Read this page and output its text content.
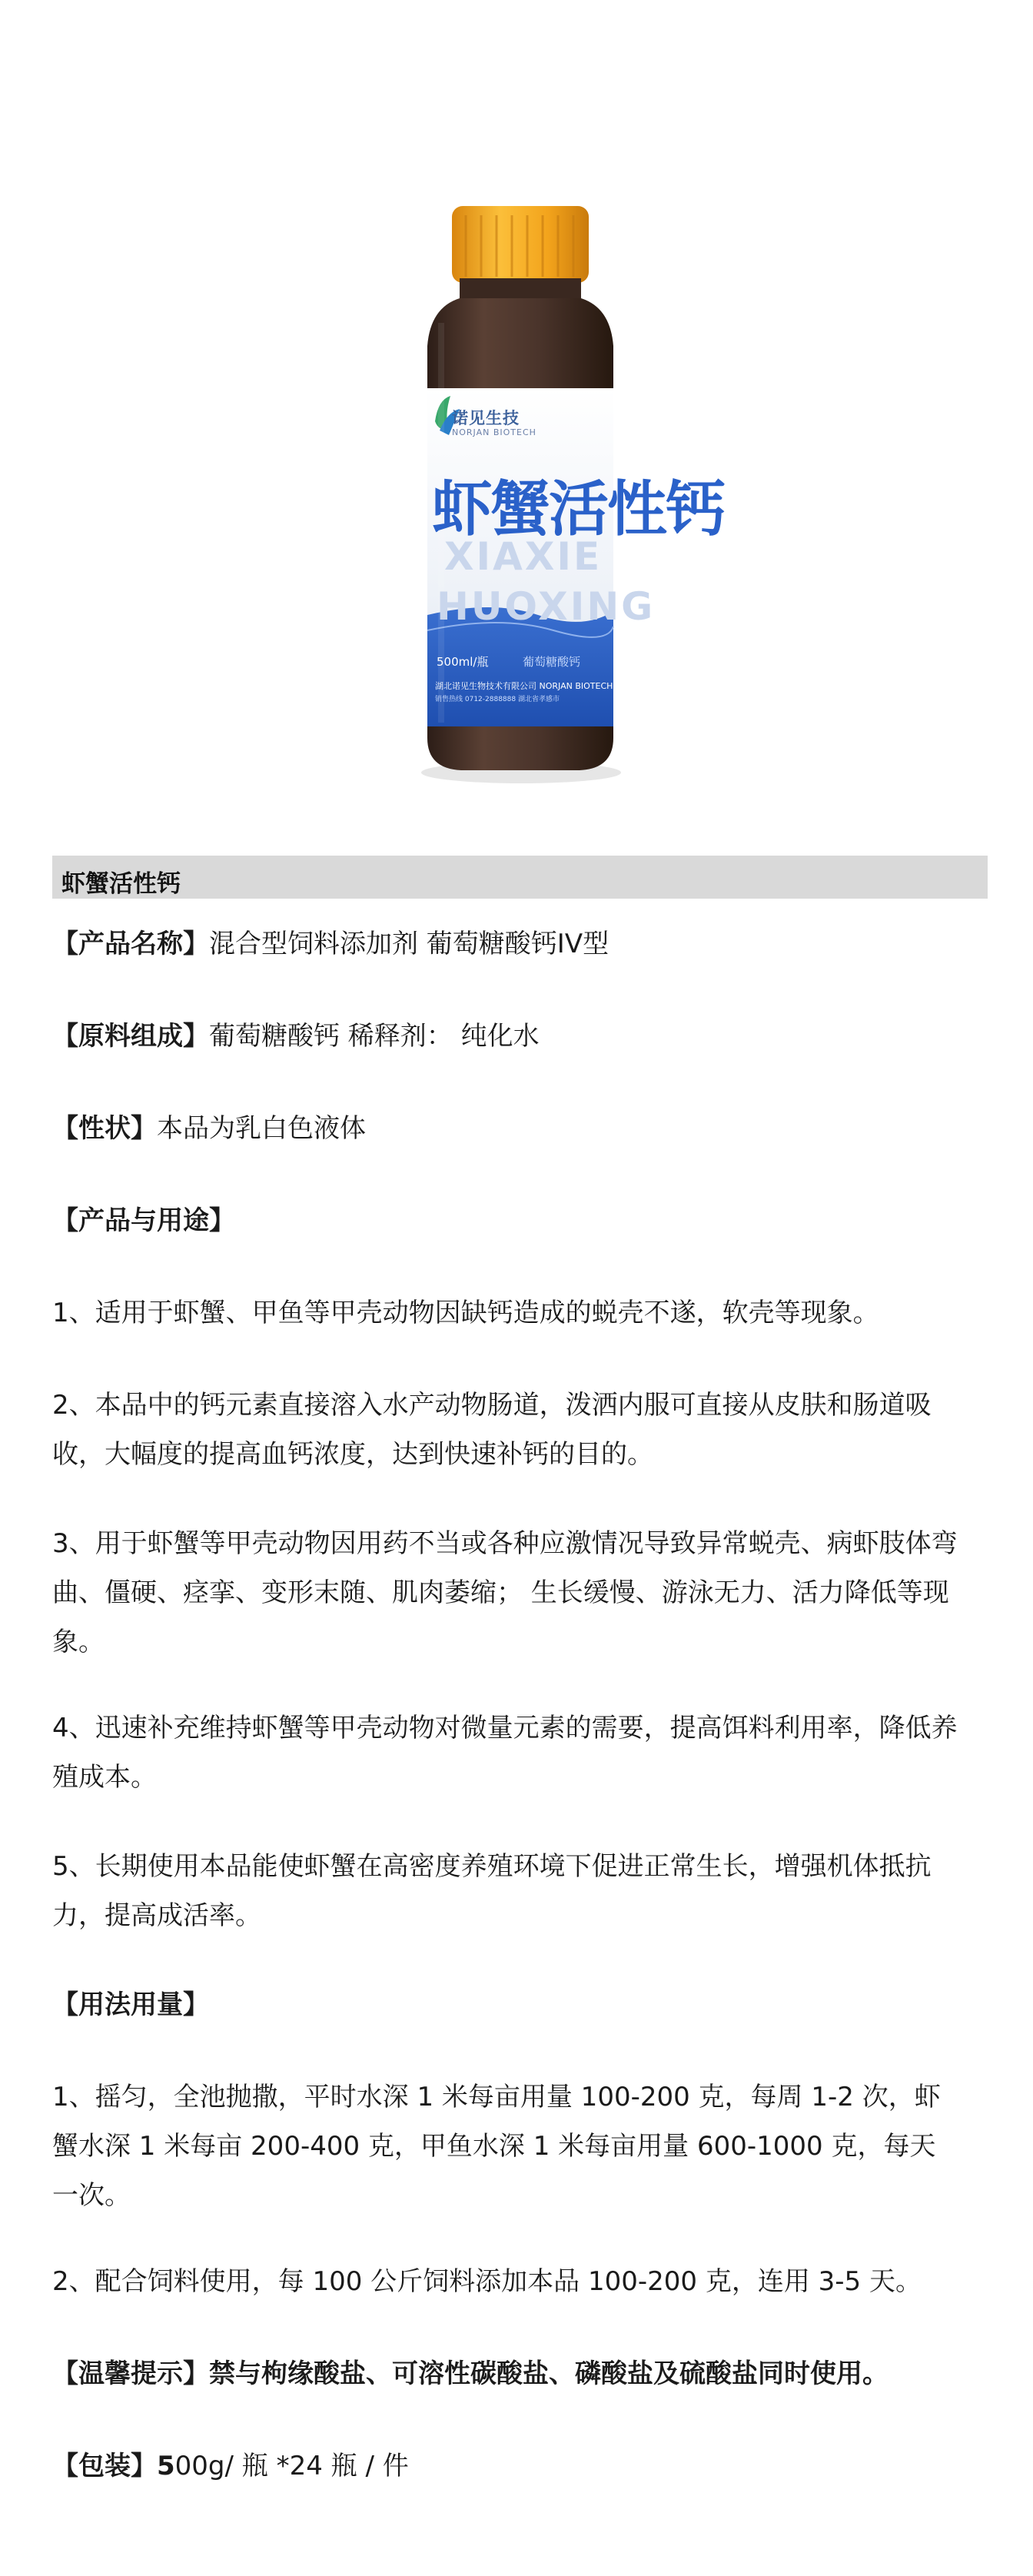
诺见生技
NORJAN BIOTECH
虾蟹活性钙
XIAXIE
HUOXING
500ml/瓶	葡萄糖酸钙
湖北诺见生物技术有限公司 NORJAN BIOTECH 营养科技
销售热线 0712-2888888 湖北省孝感市
虾蟹活性钙
【产品名称】混合型饲料添加剂 葡萄糖酸钙IV型
【原料组成】葡萄糖酸钙 稀释剂： 纯化水
【性状】本品为乳白色液体
【产品与用途】
1、适用于虾蟹、甲鱼等甲壳动物因缺钙造成的蜕壳不遂，软壳等现象。
2、本品中的钙元素直接溶入水产动物肠道，泼洒内服可直接从皮肤和肠道吸收，大幅度的提高血钙浓度，达到快速补钙的目的。
3、用于虾蟹等甲壳动物因用药不当或各种应激情况导致异常蜕壳、病虾肢体弯曲、僵硬、痉挛、变形末随、肌肉萎缩； 生长缓慢、游泳无力、活力降低等现象。
4、迅速补充维持虾蟹等甲壳动物对微量元素的需要，提高饵料利用率，降低养殖成本。
5、长期使用本品能使虾蟹在高密度养殖环境下促进正常生长，增强机体抵抗力，提高成活率。
【用法用量】
1、摇匀，全池抛撒，平时水深 1 米每亩用量 100-200 克，每周 1-2 次，虾蟹水深 1 米每亩 200-400 克，甲鱼水深 1 米每亩用量 600-1000 克，每天一次。
2、配合饲料使用，每 100 公斤饲料添加本品 100-200 克，连用 3-5 天。
【温馨提示】禁与枸缘酸盐、可溶性碳酸盐、磷酸盐及硫酸盐同时使用。
【包装】500g/ 瓶 *24 瓶 / 件
